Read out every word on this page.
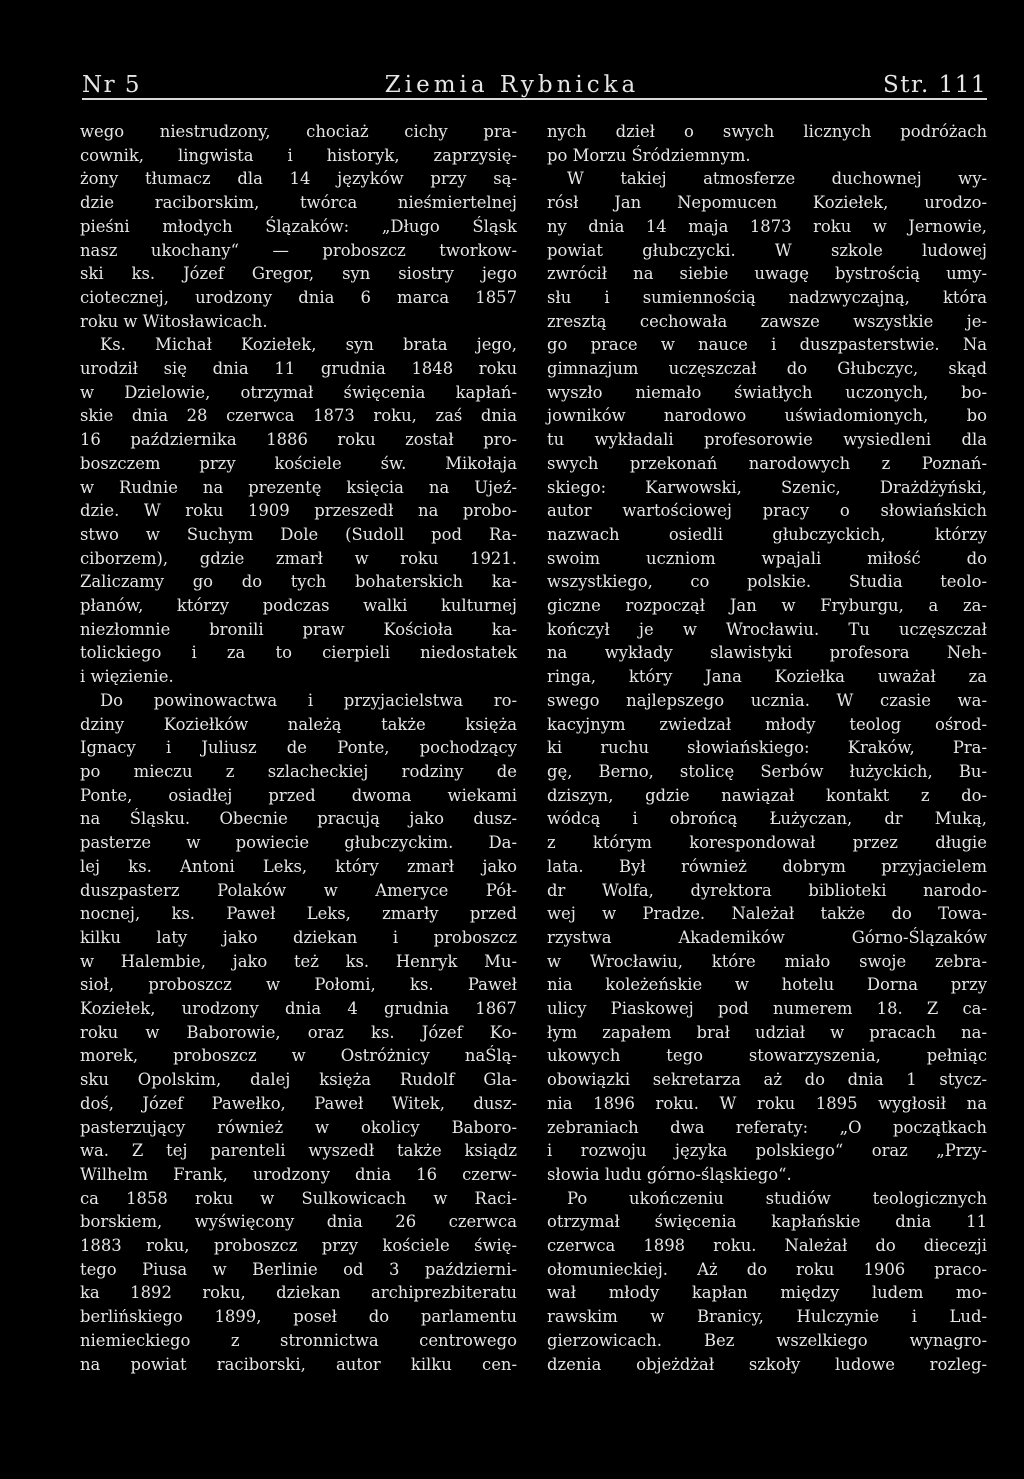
Nr 5	Ziemia Rybnicka	Str. 111

wego niestrudzony, chociaż cichy pra-

cownik, lingwista i historyk, zaprzysię-

żony tłumacz dla 14 języków przy są-

dzie raciborskim, twórca nieśmiertelnej

pieśni młodych Ślązaków: „Długo Śląsk

nasz ukochany“ — proboszcz tworkow-

ski ks. Józef Gregor, syn siostry jego

ciotecznej, urodzony dnia 6 marca 1857

roku w Witosławicach.

Ks. Michał Koziełek, syn brata jego,

urodził się dnia 11 grudnia 1848 roku

w Dzielowie, otrzymał święcenia kapłań-

skie dnia 28 czerwca 1873 roku, zaś dnia

16 października 1886 roku został pro-

boszczem przy kościele św. Mikołaja

w Rudnie na prezentę księcia na Ujeź-

dzie. W roku 1909 przeszedł na probo-

stwo w Suchym Dole (Sudoll pod Ra-

ciborzem), gdzie zmarł w roku 1921.

Zaliczamy go do tych bohaterskich ka-

płanów, którzy podczas walki kulturnej

niezłomnie bronili praw Kościoła ka-

tolickiego i za to cierpieli niedostatek

i więzienie.

Do powinowactwa i przyjacielstwa ro-

dziny Koziełków należą także księża

Ignacy i Juliusz de Ponte, pochodzący

po mieczu z szlacheckiej rodziny de

Ponte, osiadłej przed dwoma wiekami

na Śląsku. Obecnie pracują jako dusz-

pasterze w powiecie głubczyckim. Da-

lej ks. Antoni Leks, który zmarł jako

duszpasterz Polaków w Ameryce Pół-

nocnej, ks. Paweł Leks, zmarły przed

kilku laty jako dziekan i proboszcz

w Halembie, jako też ks. Henryk Mu-

sioł, proboszcz w Połomi, ks. Paweł

Koziełek, urodzony dnia 4 grudnia 1867

roku w Baborowie, oraz ks. Józef Ko-

morek, proboszcz w Ostróżnicy naŚlą-

sku Opolskim, dalej księża Rudolf Gla-

doś, Józef Pawełko, Paweł Witek, dusz-

pasterzujący również w okolicy Baboro-

wa. Z tej parenteli wyszedł także ksiądz

Wilhelm Frank, urodzony dnia 16 czerw-

ca 1858 roku w Sulkowicach w Raci-

borskiem, wyświęcony dnia 26 czerwca

1883 roku, proboszcz przy kościele świę-

tego Piusa w Berlinie od 3 październi-

ka 1892 roku, dziekan archiprezbiteratu

berlińskiego 1899, poseł do parlamentu

niemieckiego z stronnictwa centrowego

na powiat raciborski, autor kilku cen-

nych dzieł o swych licznych podróżach

po Morzu Śródziemnym.

W takiej atmosferze duchownej wy-

rósł Jan Nepomucen Koziełek, urodzo-

ny dnia 14 maja 1873 roku w Jernowie,

powiat głubczycki. W szkole ludowej

zwrócił na siebie uwagę bystrością umy-

słu i sumiennością nadzwyczajną, która

zresztą cechowała zawsze wszystkie je-

go prace w nauce i duszpasterstwie. Na

gimnazjum uczęszczał do Głubczyc, skąd

wyszło niemało światłych uczonych, bo-

jowników narodowo uświadomionych, bo

tu wykładali profesorowie wysiedleni dla

swych przekonań narodowych z Poznań-

skiego: Karwowski, Szenic, Drażdżyński,

autor wartościowej pracy o słowiańskich

nazwach osiedli głubczyckich, którzy

swoim uczniom wpajali miłość do

wszystkiego, co polskie. Studia teolo-

giczne rozpoczął Jan w Fryburgu, a za-

kończył je w Wrocławiu. Tu uczęszczał

na wykłady slawistyki profesora Neh-

ringa, który Jana Koziełka uważał za

swego najlepszego ucznia. W czasie wa-

kacyjnym zwiedzał młody teolog ośrod-

ki ruchu słowiańskiego: Kraków, Pra-

gę, Berno, stolicę Serbów łużyckich, Bu-

dziszyn, gdzie nawiązał kontakt z do-

wódcą i obrońcą Łużyczan, dr Muką,

z którym korespondował przez długie

lata. Był również dobrym przyjacielem

dr Wolfa, dyrektora biblioteki narodo-

wej w Pradze. Należał także do Towa-

rzystwa Akademików Górno-Ślązaków

w Wrocławiu, które miało swoje zebra-

nia koleżeńskie w hotelu Dorna przy

ulicy Piaskowej pod numerem 18. Z ca-

łym zapałem brał udział w pracach na-

ukowych tego stowarzyszenia, pełniąc

obowiązki sekretarza aż do dnia 1 stycz-

nia 1896 roku. W roku 1895 wygłosił na

zebraniach dwa referaty: „O początkach

i rozwoju języka polskiego“ oraz „Przy-

słowia ludu górno-śląskiego“.

Po ukończeniu studiów teologicznych

otrzymał święcenia kapłańskie dnia 11

czerwca 1898 roku. Należał do diecezji

ołomunieckiej. Aż do roku 1906 praco-

wał młody kapłan między ludem mo-

rawskim w Branicy, Hulczynie i Lud-

gierzowicach. Bez wszelkiego wynagro-

dzenia objeżdżał szkoły ludowe rozleg-
